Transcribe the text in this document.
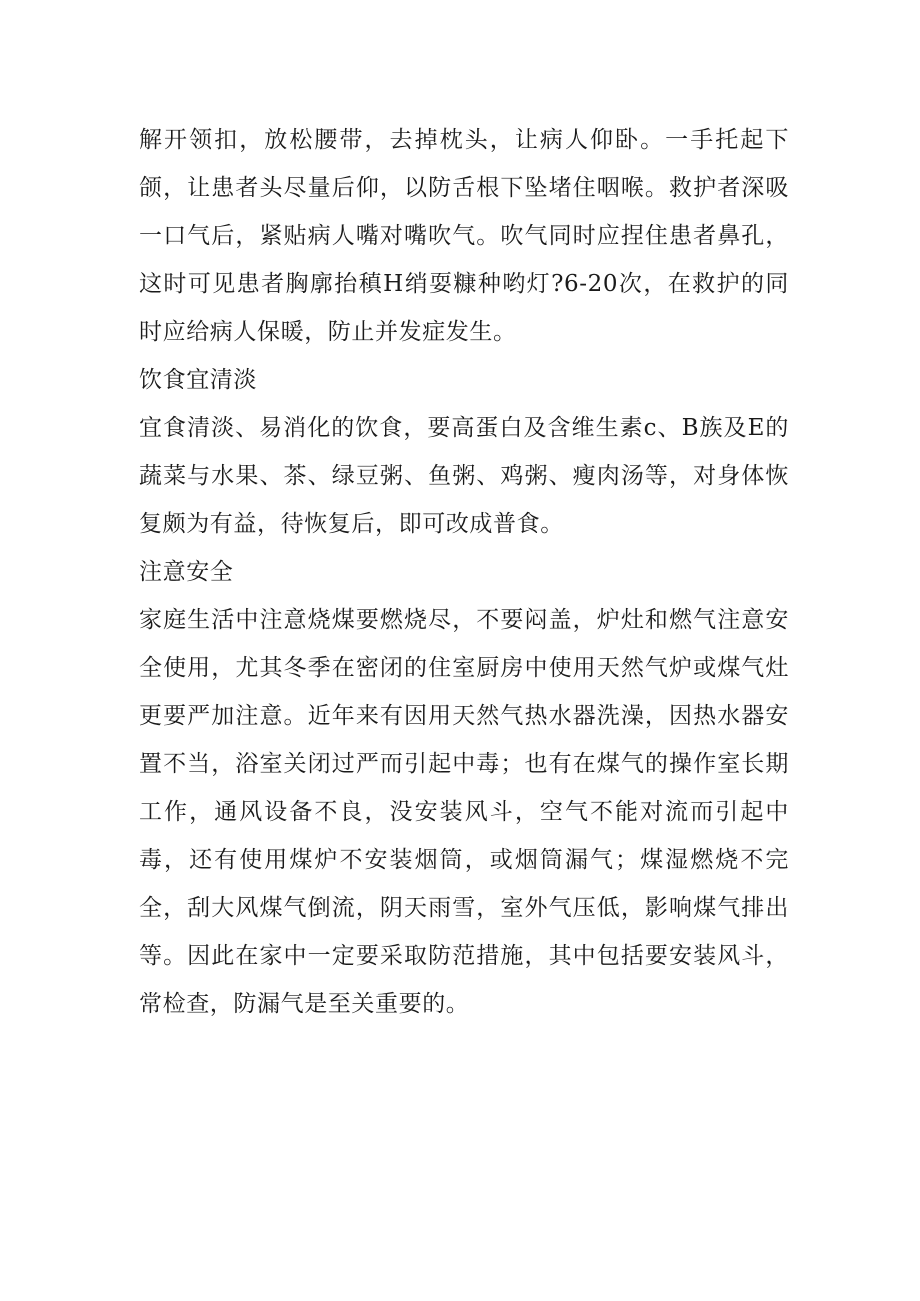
解开领扣，放松腰带，去掉枕头，让病人仰卧。一手托起下颌，让患者头尽量后仰，以防舌根下坠堵住咽喉。救护者深吸一口气后，紧贴病人嘴对嘴吹气。吹气同时应捏住患者鼻孔，这时可见患者胸廓抬稹H绡耍糠种哟灯?6-20次，在救护的同时应给病人保暖，防止并发症发生。

饮食宜清淡

宜食清淡、易消化的饮食，要高蛋白及含维生素c、B族及E的蔬菜与水果、茶、绿豆粥、鱼粥、鸡粥、瘦肉汤等，对身体恢复颇为有益，待恢复后，即可改成普食。

注意安全

家庭生活中注意烧煤要燃烧尽，不要闷盖，炉灶和燃气注意安全使用，尤其冬季在密闭的住室厨房中使用天然气炉或煤气灶更要严加注意。近年来有因用天然气热水器洗澡，因热水器安置不当，浴室关闭过严而引起中毒；也有在煤气的操作室长期工作，通风设备不良，没安装风斗，空气不能对流而引起中毒，还有使用煤炉不安装烟筒，或烟筒漏气；煤湿燃烧不完全，刮大风煤气倒流，阴天雨雪，室外气压低，影响煤气排出等。因此在家中一定要采取防范措施，其中包括要安装风斗，常检查，防漏气是至关重要的。
